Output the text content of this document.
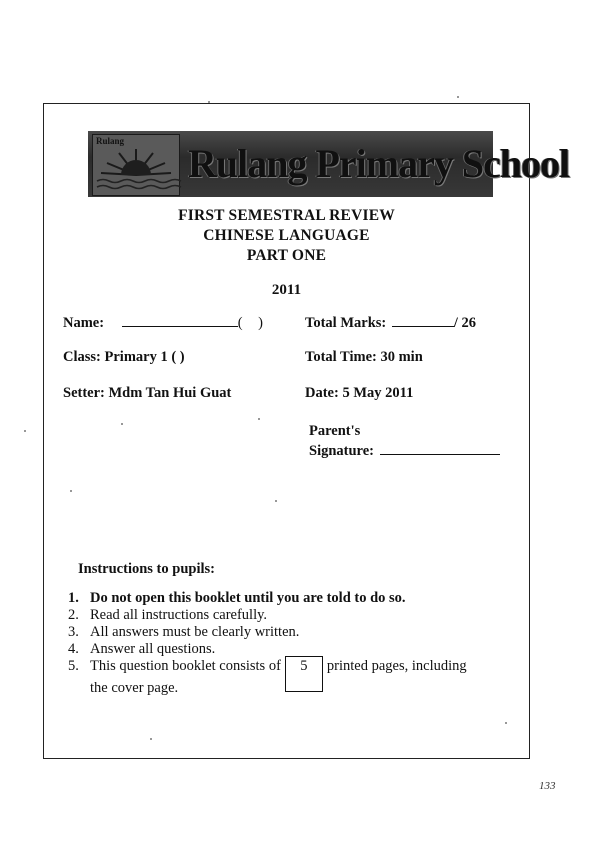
Rulang Rulang Primary School
FIRST SEMESTRAL REVIEW
CHINESE LANGUAGE
PART ONE
2011
Name:	( )	Total Marks:	/ 26
Class: Primary 1 ( )	Total Time: 30 min
Setter: Mdm Tan Hui Guat	Date: 5 May 2011
Parent's
Signature:
Instructions to pupils:
1. Do not open this booklet until you are told to do so.
2. Read all instructions carefully.
3. All answers must be clearly written.
4. Answer all questions.
5. This question booklet consists of 5 printed pages, including
the cover page.
133
